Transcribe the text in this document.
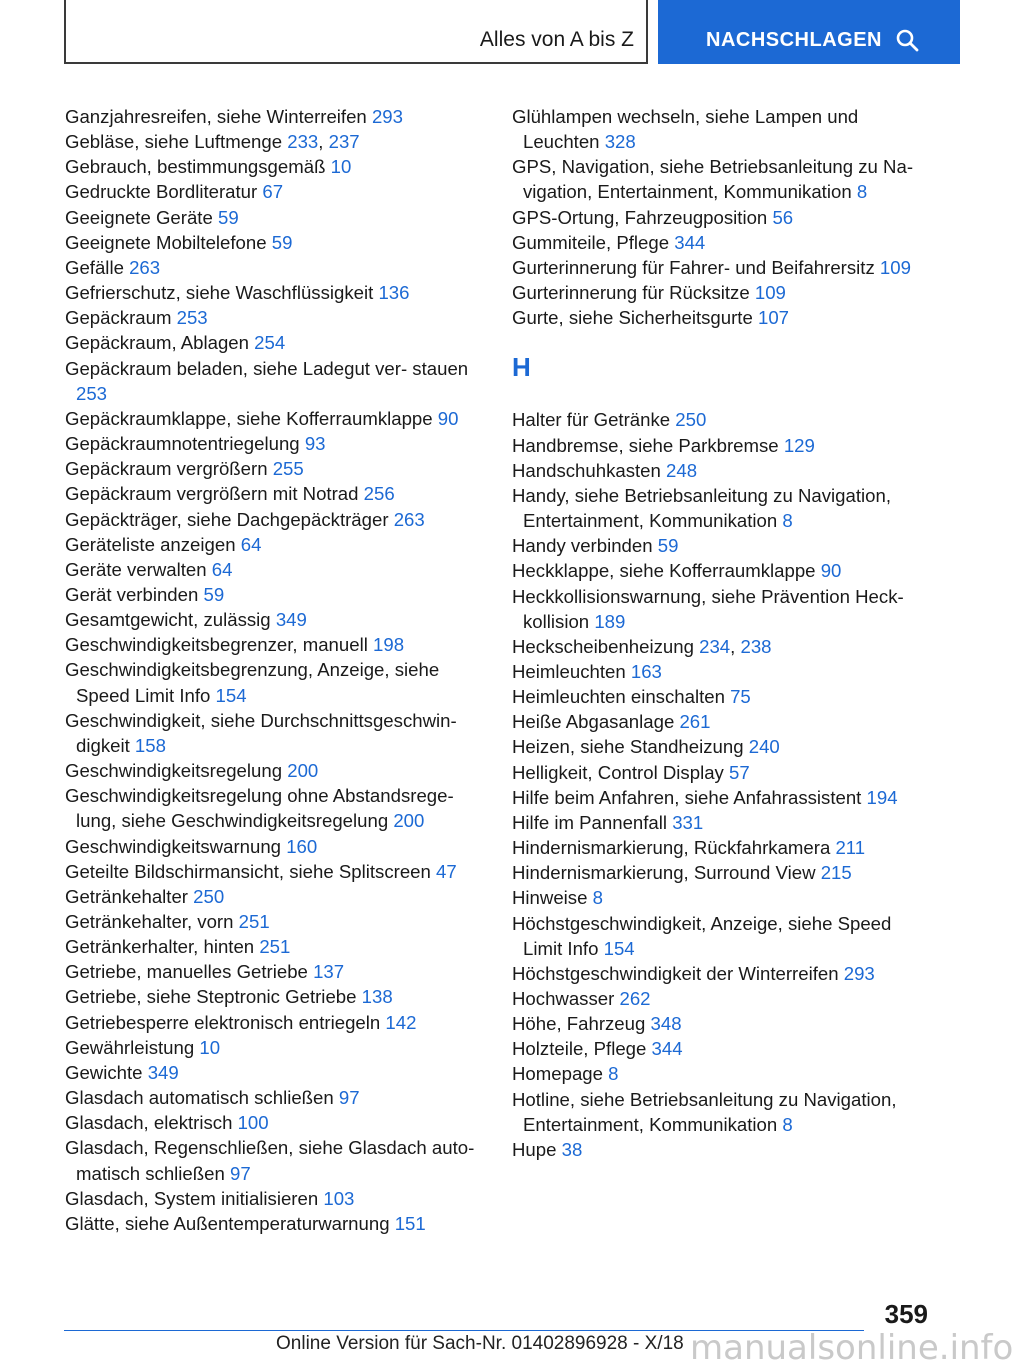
Alles von A bis Z	NACHSCHLAGEN
Ganzjahresreifen, siehe Winterreifen 293
Gebläse, siehe Luftmenge 233, 237
Gebrauch, bestimmungsgemäß 10
Gedruckte Bordliteratur 67
Geeignete Geräte 59
Geeignete Mobiltelefone 59
Gefälle 263
Gefrierschutz, siehe Waschflüssigkeit 136
Gepäckraum 253
Gepäckraum, Ablagen 254
Gepäckraum beladen, siehe Ladegut ver‐ stauen 253
Gepäckraumklappe, siehe Kofferraumklappe 90
Gepäckraumnotentriegelung 93
Gepäckraum vergrößern 255
Gepäckraum vergrößern mit Notrad 256
Gepäckträger, siehe Dachgepäckträger 263
Geräteliste anzeigen 64
Geräte verwalten 64
Gerät verbinden 59
Gesamtgewicht, zulässig 349
Geschwindigkeitsbegrenzer, manuell 198
Geschwindigkeitsbegrenzung, Anzeige, siehe Speed Limit Info 154
Geschwindigkeit, siehe Durchschnittsgeschwin‐ digkeit 158
Geschwindigkeitsregelung 200
Geschwindigkeitsregelung ohne Abstandsrege‐ lung, siehe Geschwindigkeitsregelung 200
Geschwindigkeitswarnung 160
Geteilte Bildschirmansicht, siehe Splitscreen 47
Getränkehalter 250
Getränkehalter, vorn 251
Getränkerhalter, hinten 251
Getriebe, manuelles Getriebe 137
Getriebe, siehe Steptronic Getriebe 138
Getriebesperre elektronisch entriegeln 142
Gewährleistung 10
Gewichte 349
Glasdach automatisch schließen 97
Glasdach, elektrisch 100
Glasdach, Regenschließen, siehe Glasdach auto‐ matisch schließen 97
Glasdach, System initialisieren 103
Glätte, siehe Außentemperaturwarnung 151
Glühlampen wechseln, siehe Lampen und Leuchten 328
GPS, Navigation, siehe Betriebsanleitung zu Na‐ vigation, Entertainment, Kommunikation 8
GPS-Ortung, Fahrzeugposition 56
Gummiteile, Pflege 344
Gurterinnerung für Fahrer- und Beifahrersitz 109
Gurterinnerung für Rücksitze 109
Gurte, siehe Sicherheitsgurte 107
H
Halter für Getränke 250
Handbremse, siehe Parkbremse 129
Handschuhkasten 248
Handy, siehe Betriebsanleitung zu Navigation, Entertainment, Kommunikation 8
Handy verbinden 59
Heckklappe, siehe Kofferraumklappe 90
Heckkollisionswarnung, siehe Prävention Heck‐ kollision 189
Heckscheibenheizung 234, 238
Heimleuchten 163
Heimleuchten einschalten 75
Heiße Abgasanlage 261
Heizen, siehe Standheizung 240
Helligkeit, Control Display 57
Hilfe beim Anfahren, siehe Anfahrassistent 194
Hilfe im Pannenfall 331
Hindernismarkierung, Rückfahrkamera 211
Hindernismarkierung, Surround View 215
Hinweise 8
Höchstgeschwindigkeit, Anzeige, siehe Speed Limit Info 154
Höchstgeschwindigkeit der Winterreifen 293
Hochwasser 262
Höhe, Fahrzeug 348
Holzteile, Pflege 344
Homepage 8
Hotline, siehe Betriebsanleitung zu Navigation, Entertainment, Kommunikation 8
Hupe 38
359
Online Version für Sach-Nr. 01402896928 - X/18 manualsonline.info
